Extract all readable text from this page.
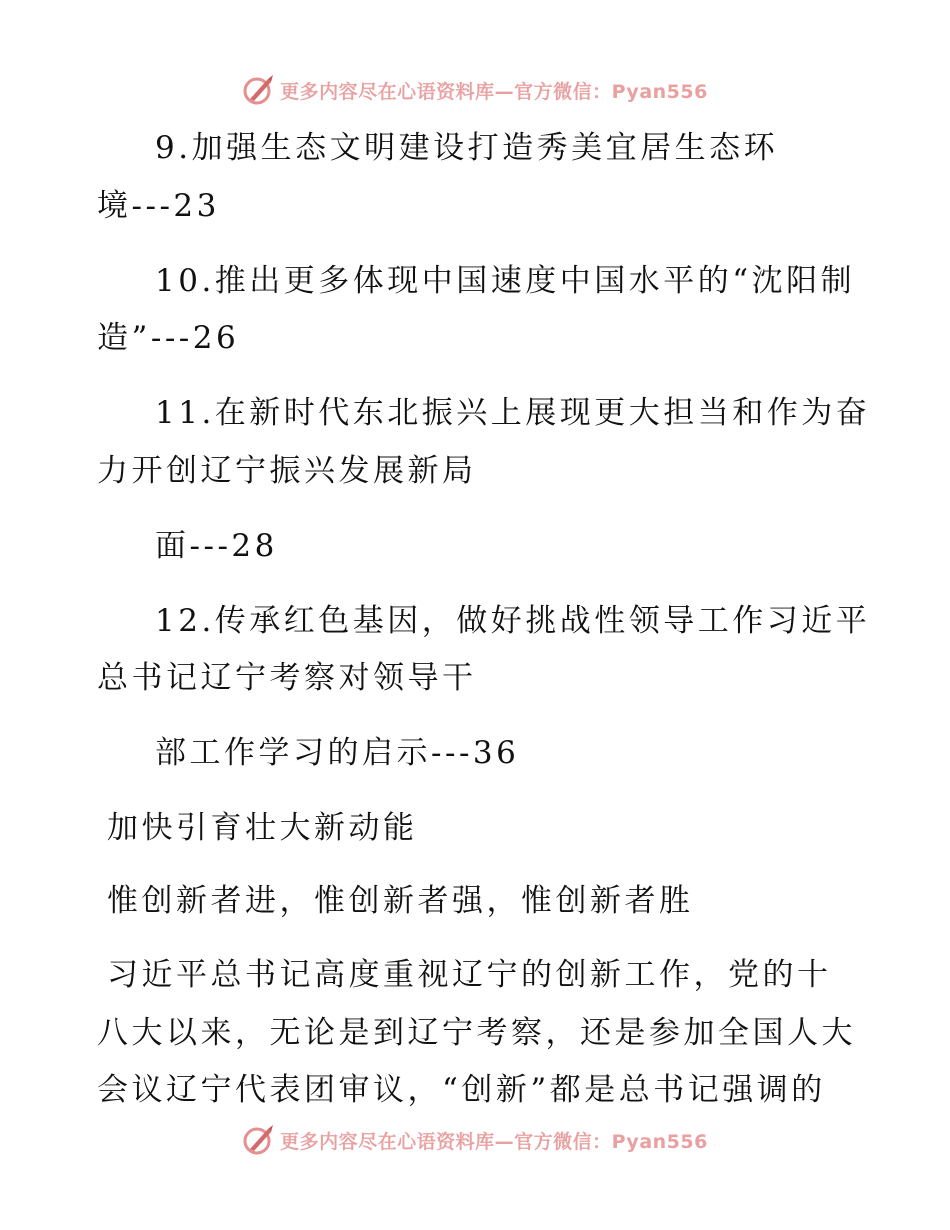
更多内容尽在心语资料库—官方微信：Pyan556
9.加强生态文明建设打造秀美宜居生态环
境---23
10.推出更多体现中国速度中国水平的“沈阳制
造”---26
11.在新时代东北振兴上展现更大担当和作为奋
力开创辽宁振兴发展新局
面---28
12.传承红色基因，做好挑战性领导工作习近平
总书记辽宁考察对领导干
部工作学习的启示---36
加快引育壮大新动能
惟创新者进，惟创新者强，惟创新者胜
习近平总书记高度重视辽宁的创新工作，党的十
八大以来，无论是到辽宁考察，还是参加全国人大
会议辽宁代表团审议，“创新”都是总书记强调的
更多内容尽在心语资料库—官方微信：Pyan556
